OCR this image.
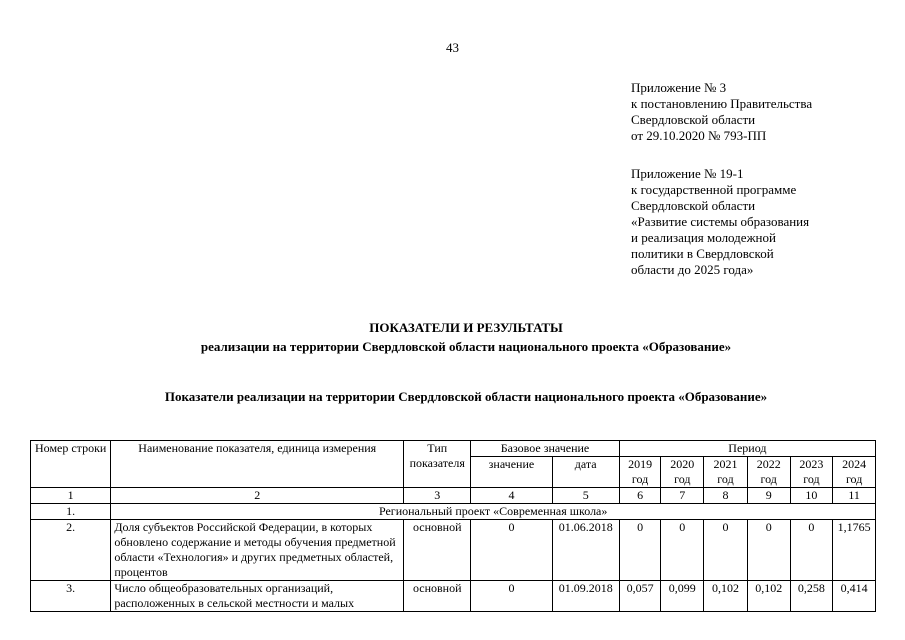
43
Приложение № 3
к постановлению Правительства
Свердловской области
от 29.10.2020 № 793-ПП
Приложение № 19-1
к государственной программе
Свердловской области
«Развитие системы образования
и реализация молодежной
политики в Свердловской
области до 2025 года»
ПОКАЗАТЕЛИ И РЕЗУЛЬТАТЫ
реализации на территории Свердловской области национального проекта «Образование»
Показатели реализации на территории Свердловской области национального проекта «Образование»
Номер строки	Наименование показателя, единица измерения	Тип показателя	Базовое значение		Период					
			значение	дата	2019 год	2020 год	2021 год	2022 год	2023 год	2024 год
1	2	3	4	5	6	7	8	9	10	11
1.	Региональный проект «Современная школа»									
2.	Доля субъектов Российской Федерации, в которых обновлено содержание и методы обучения предметной области «Технология» и других предметных областей, процентов	основной	0	01.06.2018	0	0	0	0	0	1,1765
3.	Число общеобразовательных организаций, расположенных в сельской местности и малых	основной	0	01.09.2018	0,057	0,099	0,102	0,102	0,258	0,414
